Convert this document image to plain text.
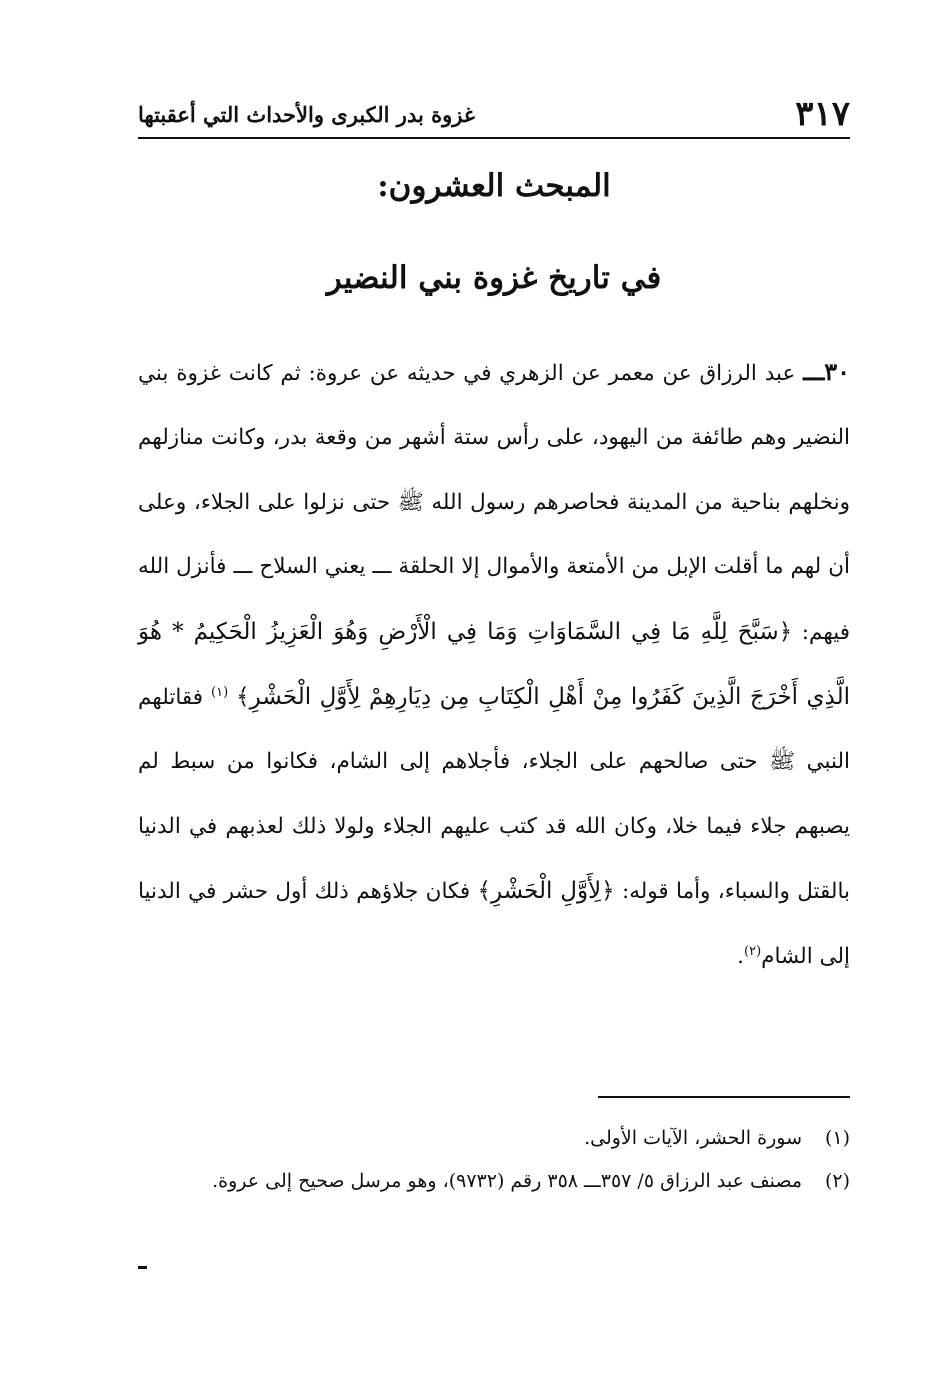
٣١٧
غزوة بدر الكبرى والأحداث التي أعقبتها
المبحث العشرون:
في تاريخ غزوة بني النضير

٣٠ـــ عبد الرزاق عن معمر عن الزهري في حديثه عن عروة: ثم كانت غزوة بني النضير وهم طائفة من اليهود، على رأس ستة أشهر من وقعة بدر، وكانت منازلهم ونخلهم بناحية من المدينة فحاصرهم رسول الله ﷺ حتى نزلوا على الجلاء، وعلى أن لهم ما أقلت الإبل من الأمتعة والأموال إلا الحلقة ـــ يعني السلاح ـــ فأنزل الله فيهم: ﴿سَبَّحَ لِلَّهِ مَا فِي السَّمَاوَاتِ وَمَا فِي الْأَرْضِ وَهُوَ الْعَزِيزُ الْحَكِيمُ * هُوَ الَّذِي أَخْرَجَ الَّذِينَ كَفَرُوا مِنْ أَهْلِ الْكِتَابِ مِن دِيَارِهِمْ لِأَوَّلِ الْحَشْرِ﴾ $^{(١)}$ فقاتلهم النبي ﷺ حتى صالحهم على الجلاء، فأجلاهم إلى الشام، فكانوا من سبط لم يصبهم جلاء فيما خلا، وكان الله قد كتب عليهم الجلاء ولولا ذلك لعذبهم في الدنيا بالقتل والسباء، وأما قوله: ﴿لِأَوَّلِ الْحَشْرِ﴾ فكان جلاؤهم ذلك أول حشر في الدنيا إلى الشام$^{(٢)}$.

(١)
سورة الحشر، الآيات الأولى.
(٢)
مصنف عبد الرزاق ٥/ ٣٥٧ـــ ٣٥٨ رقم (٩٧٣٢)، وهو مرسل صحيح إلى عروة.
